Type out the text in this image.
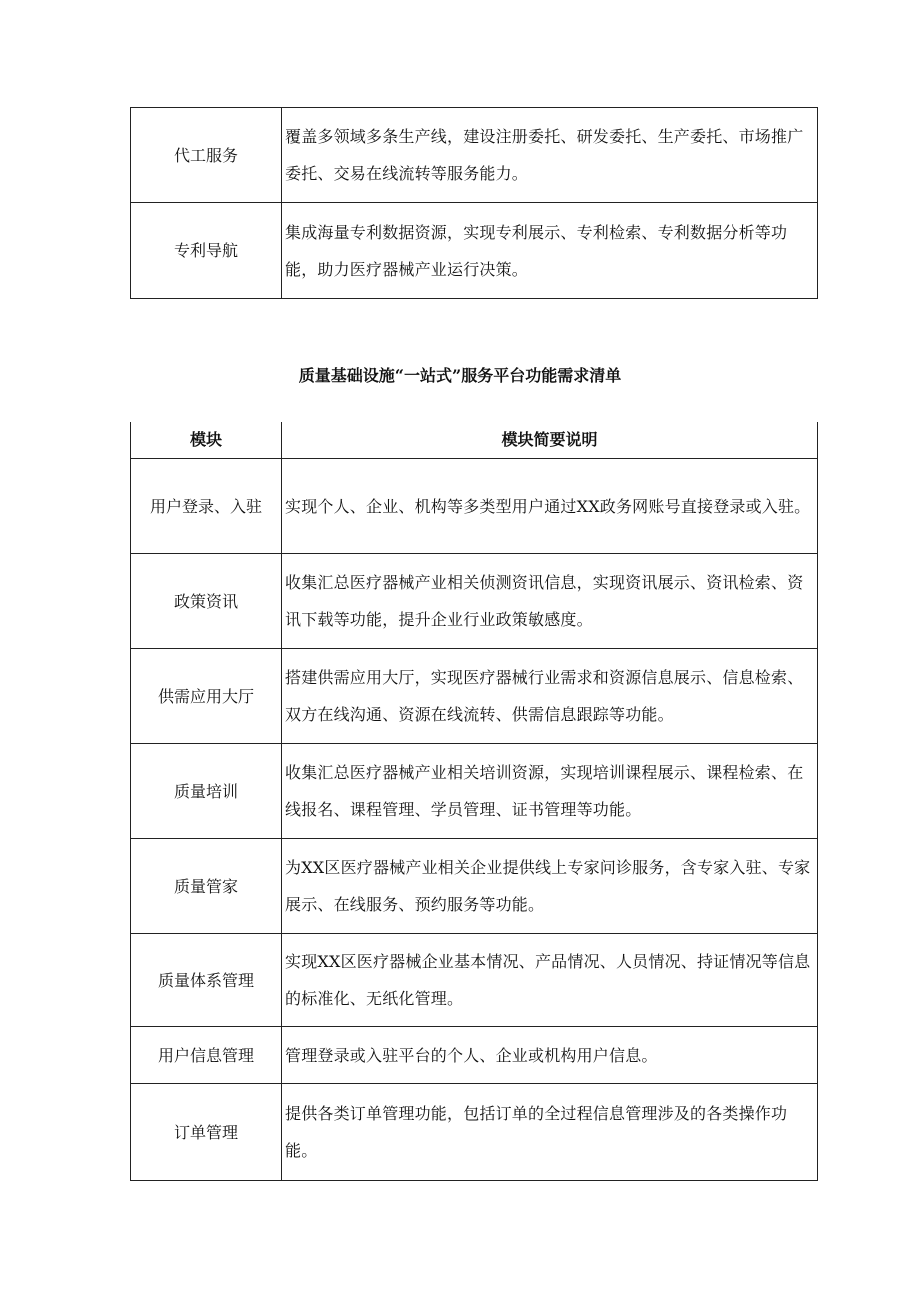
代工服务	覆盖多领域多条生产线，建设注册委托、研发委托、生产委托、市场推广委托、交易在线流转等服务能力。
专利导航	集成海量专利数据资源，实现专利展示、专利检索、专利数据分析等功能，助力医疗器械产业运行决策。
质量基础设施“一站式”服务平台功能需求清单
模块	模块简要说明
用户登录、入驻	实现个人、企业、机构等多类型用户通过XX政务网账号直接登录或入驻。
政策资讯	收集汇总医疗器械产业相关侦测资讯信息，实现资讯展示、资讯检索、资讯下载等功能，提升企业行业政策敏感度。
供需应用大厅	搭建供需应用大厅，实现医疗器械行业需求和资源信息展示、信息检索、双方在线沟通、资源在线流转、供需信息跟踪等功能。
质量培训	收集汇总医疗器械产业相关培训资源，实现培训课程展示、课程检索、在线报名、课程管理、学员管理、证书管理等功能。
质量管家	为XX区医疗器械产业相关企业提供线上专家问诊服务，含专家入驻、专家展示、在线服务、预约服务等功能。
质量体系管理	实现XX区医疗器械企业基本情况、产品情况、人员情况、持证情况等信息的标准化、无纸化管理。
用户信息管理	管理登录或入驻平台的个人、企业或机构用户信息。
订单管理	提供各类订单管理功能，包括订单的全过程信息管理涉及的各类操作功能。
